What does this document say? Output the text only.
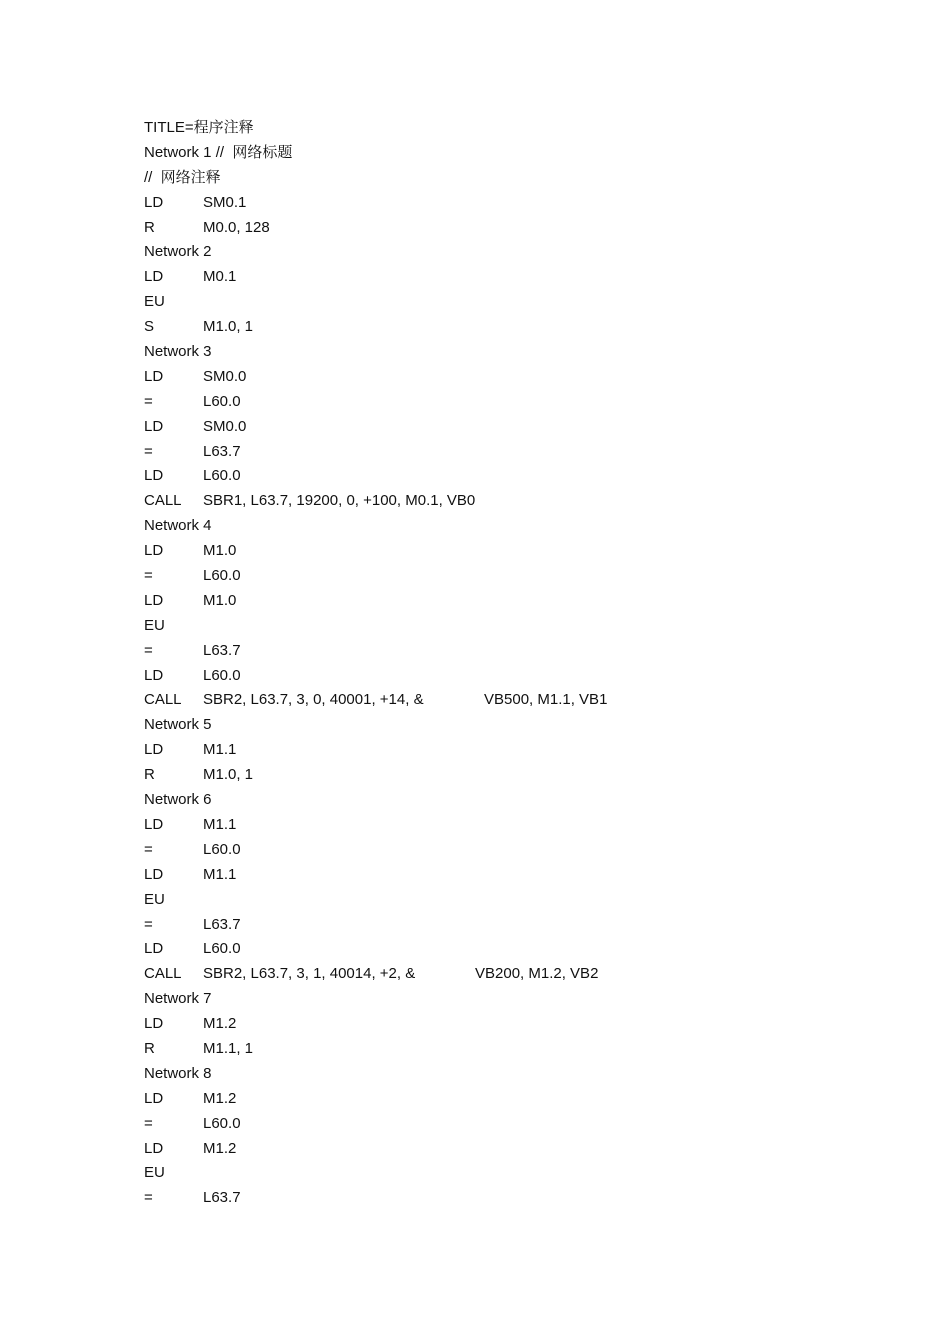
TITLE=程序注释
Network 1 //  网络标题
//  网络注释
LD	SM0.1
R	M0.0, 128
Network 2
LD	M0.1
EU
S	M1.0, 1
Network 3
LD	SM0.0
=	L60.0
LD	SM0.0
=	L63.7
LD	L60.0
CALL SBR1, L63.7, 19200, 0, +100, M0.1, VB0
Network 4
LD	M1.0
=	L60.0
LD	M1.0
EU
=	L63.7
LD	L60.0
CALL SBR2, L63.7, 3, 0, 40001, +14, &	VB500, M1.1, VB1
Network 5
LD	M1.1
R	M1.0, 1
Network 6
LD	M1.1
=	L60.0
LD	M1.1
EU
=	L63.7
LD	L60.0
CALL SBR2, L63.7, 3, 1, 40014, +2, &	VB200, M1.2, VB2
Network 7
LD	M1.2
R	M1.1, 1
Network 8
LD	M1.2
=	L60.0
LD	M1.2
EU
=	L63.7
